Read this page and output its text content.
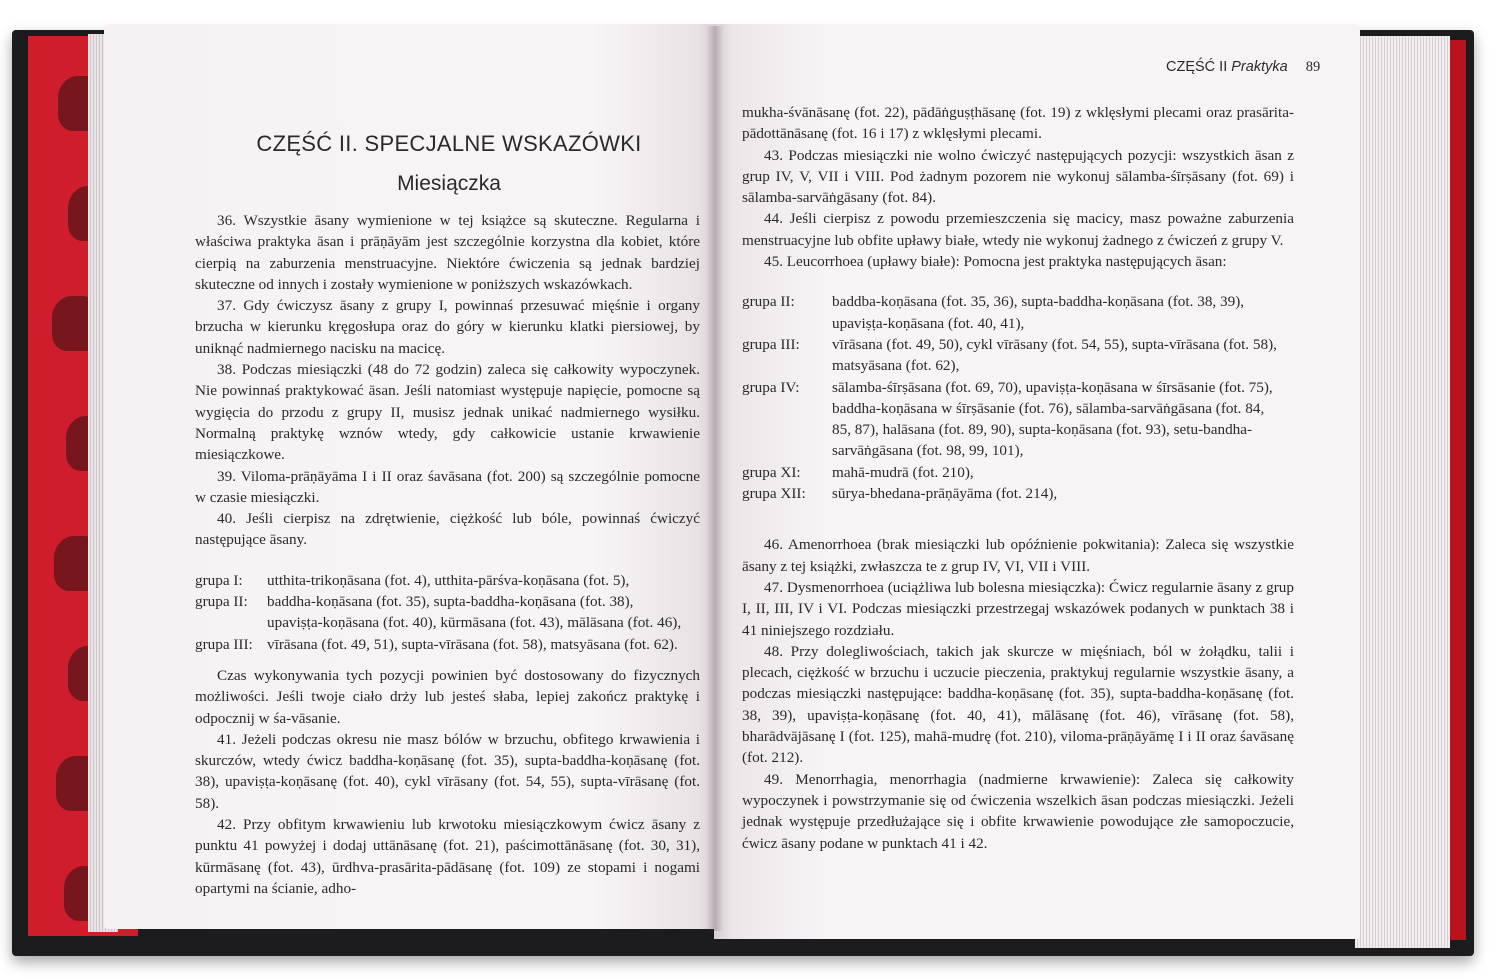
CZĘŚĆ II. SPECJALNE WSKAZÓWKI
Miesiączka

36. Wszystkie āsany wymienione w tej książce są skuteczne. Regularna i właściwa praktyka āsan i prāṇāyām jest szczególnie korzystna dla kobiet, które cierpią na zaburzenia menstruacyjne. Niektóre ćwiczenia są jednak bardziej skuteczne od innych i zostały wymienione w poniższych wskazówkach.

37. Gdy ćwiczysz āsany z grupy I, powinnaś przesuwać mięśnie i organy brzucha w kierunku kręgosłupa oraz do góry w kierunku klatki piersiowej, by uniknąć nadmiernego nacisku na macicę.

38. Podczas miesiączki (48 do 72 godzin) zaleca się całkowity wypoczynek. Nie powinnaś praktykować āsan. Jeśli natomiast występuje napięcie, pomocne są wygięcia do przodu z grupy II, musisz jednak unikać nadmiernego wysiłku. Normalną praktykę wznów wtedy, gdy całkowicie ustanie krwawienie miesiączkowe.

39. Viloma-prāṇāyāma I i II oraz śavāsana (fot. 200) są szczególnie pomocne w czasie miesiączki.

40. Jeśli cierpisz na zdrętwienie, ciężkość lub bóle, powinnaś ćwiczyć następujące āsany.

grupa I:	utthita-trikoṇāsana (fot. 4), utthita-pārśva-koṇāsana (fot. 5),
grupa II:	baddha-koṇāsana (fot. 35), supta-baddha-koṇāsana (fot. 38),
upaviṣṭa-koṇāsana (fot. 40), kūrmāsana (fot. 43), mālāsana (fot. 46),
grupa III: vīrāsana (fot. 49, 51), supta-vīrāsana (fot. 58), matsyāsana (fot. 62).

Czas wykonywania tych pozycji powinien być dostosowany do fizycznych możliwości. Jeśli twoje ciało drży lub jesteś słaba, lepiej zakończ praktykę i odpocznij w śa-vāsanie.

41. Jeżeli podczas okresu nie masz bólów w brzuchu, obfitego krwawienia i skurczów, wtedy ćwicz baddha-koṇāsanę (fot. 35), supta-baddha-koṇāsanę (fot. 38), upaviṣṭa-koṇāsanę (fot. 40), cykl vīrāsany (fot. 54, 55), supta-vīrāsanę (fot. 58).

42. Przy obfitym krwawieniu lub krwotoku miesiączkowym ćwicz āsany z punktu 41 powyżej i dodaj uttānāsanę (fot. 21), paścimottānāsanę (fot. 30, 31), kūrmāsanę (fot. 43), ūrdhva-prasārita-pādāsanę (fot. 109) ze stopami i nogami opartymi na ścianie, adho-

CZĘŚĆ II Praktyka 89

mukha-śvānāsanę (fot. 22), pādāṅguṣṭhāsanę (fot. 19) z wklęsłymi plecami oraz prasārita-pādottānāsanę (fot. 16 i 17) z wklęsłymi plecami.

43. Podczas miesiączki nie wolno ćwiczyć następujących pozycji: wszystkich āsan z grup IV, V, VII i VIII. Pod żadnym pozorem nie wykonuj sālamba-śīrṣāsany (fot. 69) i sālamba-sarvāṅgāsany (fot. 84).

44. Jeśli cierpisz z powodu przemieszczenia się macicy, masz poważne zaburzenia menstruacyjne lub obfite upławy białe, wtedy nie wykonuj żadnego z ćwiczeń z grupy V.

45. Leucorrhoea (upławy białe): Pomocna jest praktyka następujących āsan:

grupa II:	baddba-koṇāsana (fot. 35, 36), supta-baddha-koṇāsana (fot. 38, 39),
upaviṣṭa-koṇāsana (fot. 40, 41),
grupa III:	vīrāsana (fot. 49, 50), cykl vīrāsany (fot. 54, 55), supta-vīrāsana (fot. 58),
matsyāsana (fot. 62),
grupa IV:	sālamba-śīrṣāsana (fot. 69, 70), upaviṣṭa-koṇāsana w śīrsāsanie (fot. 75),
baddha-koṇāsana w śīrṣāsanie (fot. 76), sālamba-sarvāṅgāsana (fot. 84,
85, 87), halāsana (fot. 89, 90), supta-koṇāsana (fot. 93), setu-bandha-
sarvāṅgāsana (fot. 98, 99, 101),
grupa XI:	mahā-mudrā (fot. 210),
grupa XII:	sūrya-bhedana-prāṇāyāma (fot. 214),

46. Amenorrhoea (brak miesiączki lub opóźnienie pokwitania): Zaleca się wszystkie āsany z tej książki, zwłaszcza te z grup IV, VI, VII i VIII.

47. Dysmenorrhoea (uciążliwa lub bolesna miesiączka): Ćwicz regularnie āsany z grup I, II, III, IV i VI. Podczas miesiączki przestrzegaj wskazówek podanych w punktach 38 i 41 niniejszego rozdziału.

48. Przy dolegliwościach, takich jak skurcze w mięśniach, ból w żołądku, talii i plecach, ciężkość w brzuchu i uczucie pieczenia, praktykuj regularnie wszystkie āsany, a podczas miesiączki następujące: baddha-koṇāsanę (fot. 35), supta-baddha-koṇāsanę (fot. 38, 39), upaviṣṭa-koṇāsanę (fot. 40, 41), mālāsanę (fot. 46), vīrāsanę (fot. 58), bharādvājāsanę I (fot. 125), mahā-mudrę (fot. 210), viloma-prāṇāyāmę I i II oraz śavāsanę (fot. 212).

49. Menorrhagia, menorrhagia (nadmierne krwawienie): Zaleca się całkowity wypoczynek i powstrzymanie się od ćwiczenia wszelkich āsan podczas miesiączki. Jeżeli jednak występuje przedłużające się i obfite krwawienie powodujące złe samopoczucie, ćwicz āsany podane w punktach 41 i 42.
